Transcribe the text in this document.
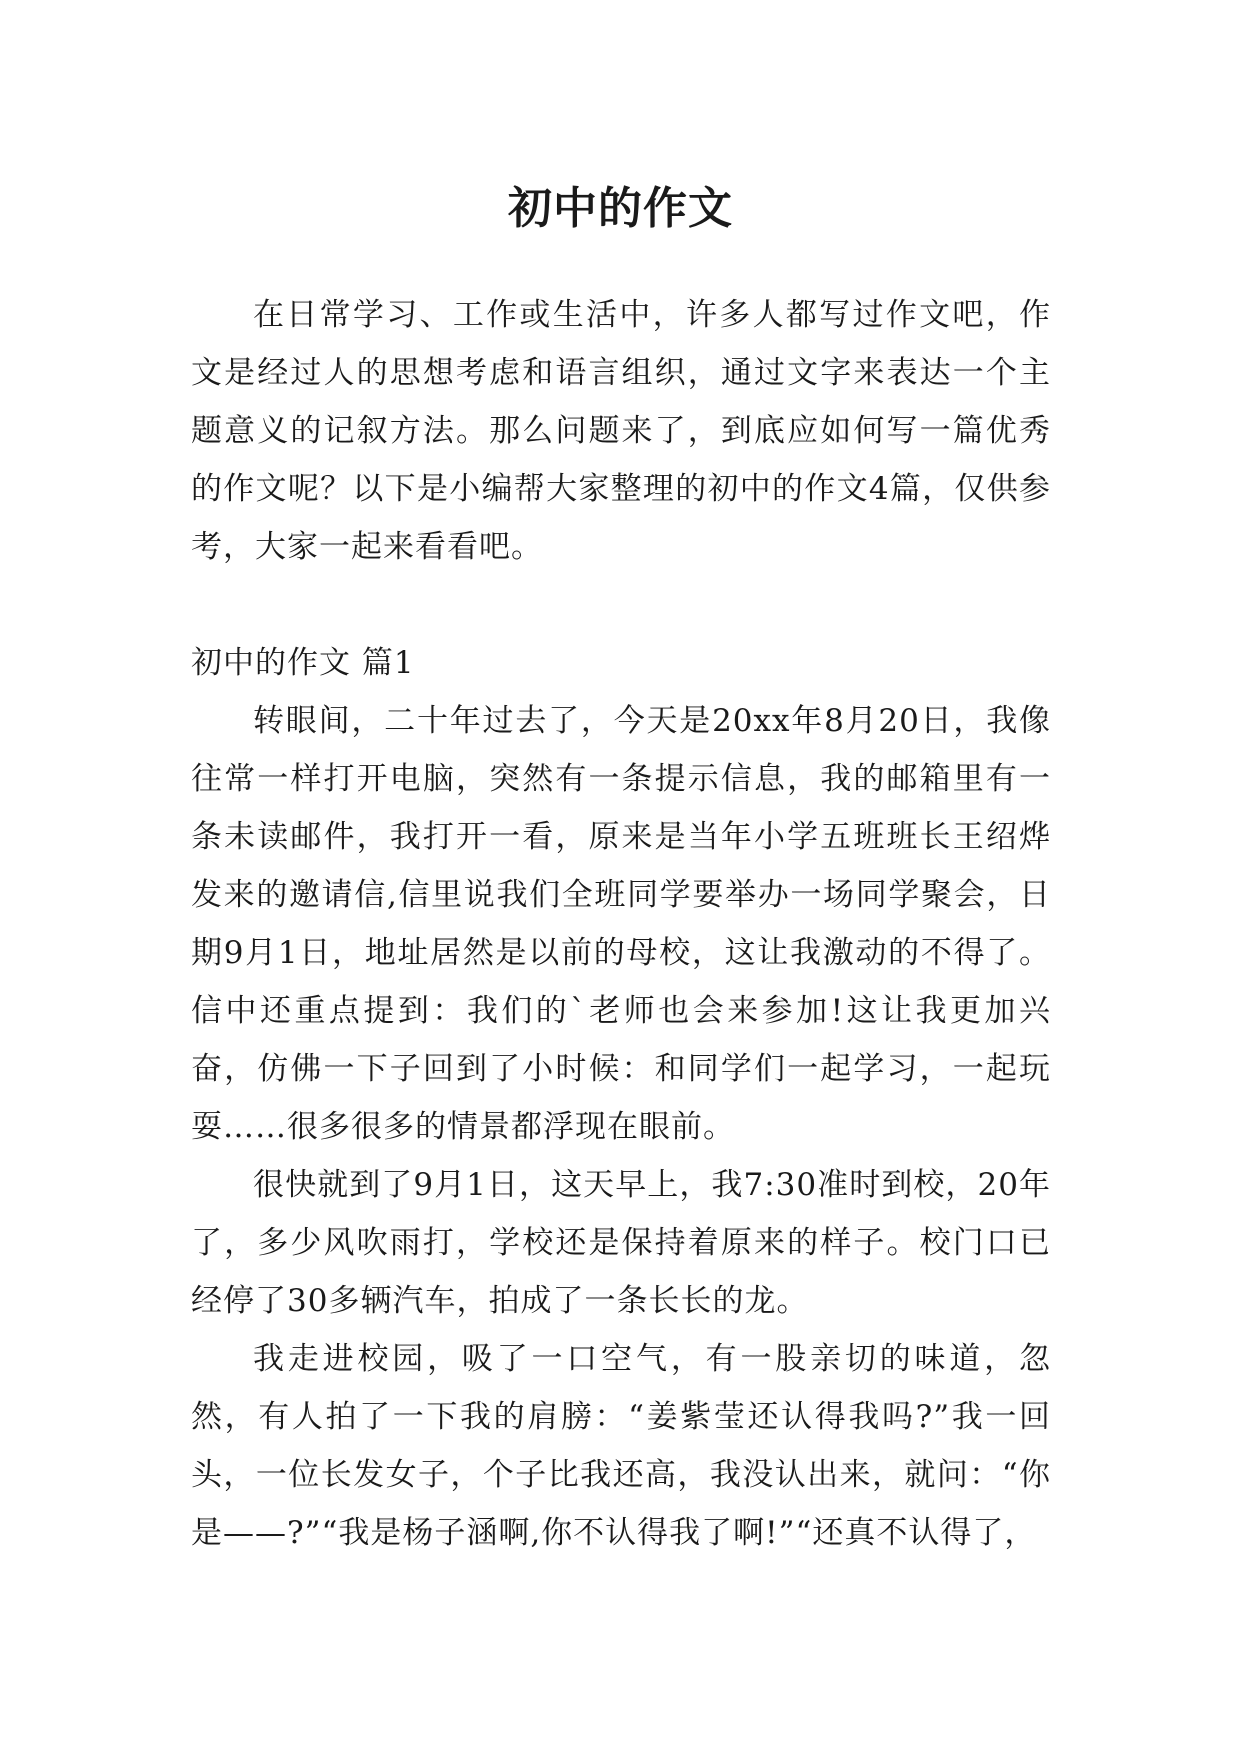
初中的作文

在日常学习、工作或生活中，许多人都写过作文吧，作文是经过人的思想考虑和语言组织，通过文字来表达一个主题意义的记叙方法。那么问题来了，到底应如何写一篇优秀的作文呢？以下是小编帮大家整理的初中的作文4篇，仅供参考，大家一起来看看吧。

初中的作文 篇1

转眼间，二十年过去了，今天是20xx年8月20日，我像往常一样打开电脑，突然有一条提示信息，我的邮箱里有一条未读邮件，我打开一看，原来是当年小学五班班长王绍烨发来的邀请信,信里说我们全班同学要举办一场同学聚会，日期9月1日，地址居然是以前的母校，这让我激动的不得了。信中还重点提到：我们的`老师也会来参加!这让我更加兴奋，仿佛一下子回到了小时候：和同学们一起学习，一起玩耍……很多很多的情景都浮现在眼前。

很快就到了9月1日，这天早上，我7:30准时到校，20年了，多少风吹雨打，学校还是保持着原来的样子。校门口已经停了30多辆汽车，拍成了一条长长的龙。

我走进校园，吸了一口空气，有一股亲切的味道，忽然，有人拍了一下我的肩膀：“姜紫莹还认得我吗?”我一回头，一位长发女子，个子比我还高，我没认出来，就问：“你是——?”“我是杨子涵啊,你不认得我了啊!”“还真不认得了，
